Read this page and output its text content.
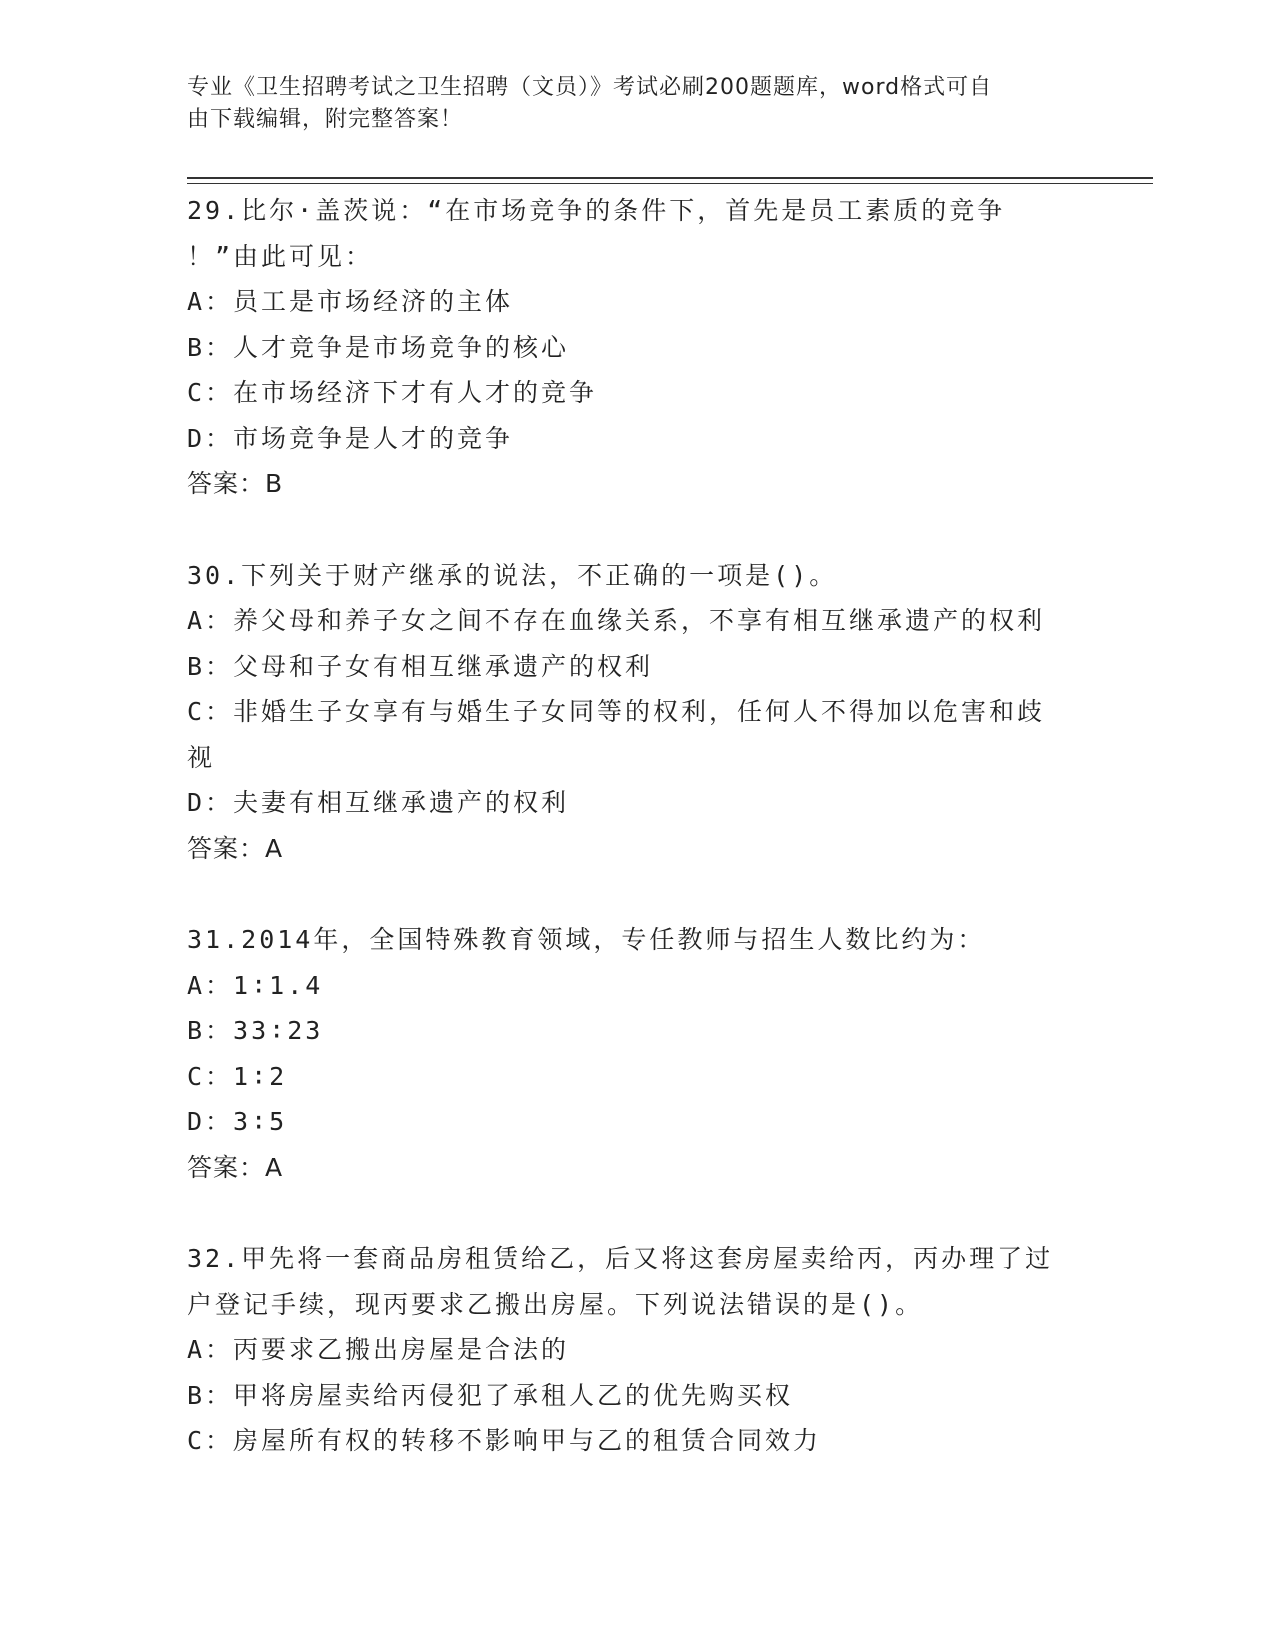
专业《卫生招聘考试之卫生招聘（文员）》考试必刷200题题库，word格式可自
由下载编辑，附完整答案！
29.比尔·盖茨说：“在市场竞争的条件下，首先是员工素质的竞争
！”由此可见：
A：员工是市场经济的主体
B：人才竞争是市场竞争的核心
C：在市场经济下才有人才的竞争
D：市场竞争是人才的竞争
答案：B
30.下列关于财产继承的说法，不正确的一项是()。
A：养父母和养子女之间不存在血缘关系，不享有相互继承遗产的权利
B：父母和子女有相互继承遗产的权利
C：非婚生子女享有与婚生子女同等的权利，任何人不得加以危害和歧
视
D：夫妻有相互继承遗产的权利
答案：A
31.2014年，全国特殊教育领域，专任教师与招生人数比约为：
A：1∶1.4
B：33∶23
C：1∶2
D：3∶5
答案：A
32.甲先将一套商品房租赁给乙，后又将这套房屋卖给丙，丙办理了过
户登记手续，现丙要求乙搬出房屋。下列说法错误的是()。
A：丙要求乙搬出房屋是合法的
B：甲将房屋卖给丙侵犯了承租人乙的优先购买权
C：房屋所有权的转移不影响甲与乙的租赁合同效力
